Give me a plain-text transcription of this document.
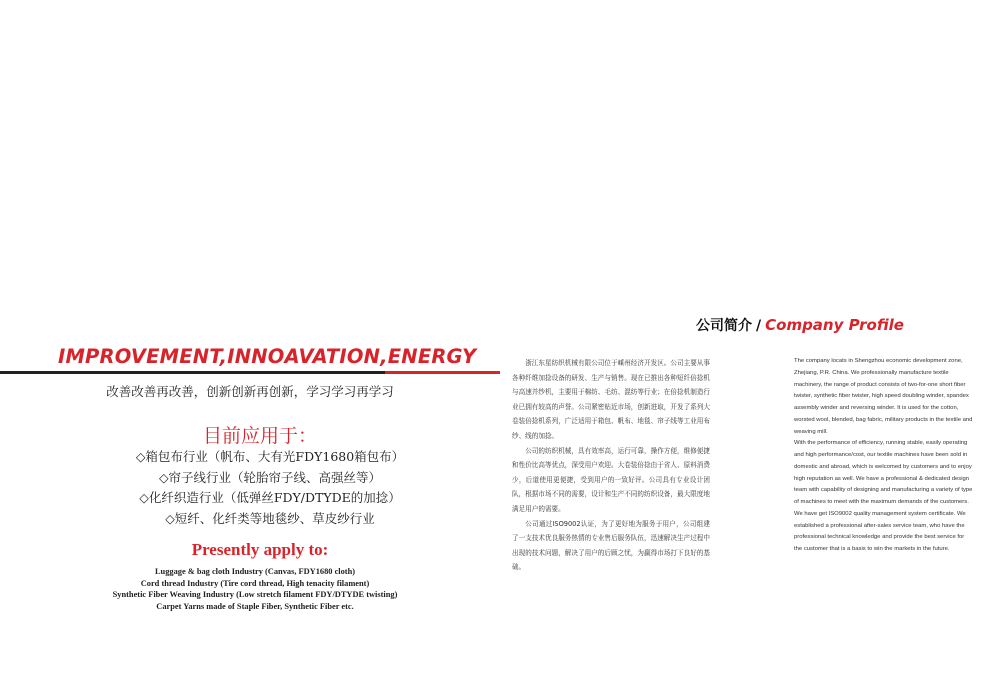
IMPROVEMENT,INNOAVATION,ENERGY
改善改善再改善，创新创新再创新，学习学习再学习
目前应用于：
◇箱包布行业（帆布、大有光FDY1680箱包布）
◇帘子线行业（轮胎帘子线、高强丝等）
◇化纤织造行业（低弹丝FDY/DTYDE的加捻）
◇短纤、化纤类等地毯纱、草皮纱行业
Presently apply to:
Luggage & bag cloth Industry (Canvas, FDY1680 cloth)
Cord thread Industry (Tire cord thread, High tenacity filament)
Synthetic Fiber Weaving Industry (Low stretch filament FDY/DTYDE twisting)
Carpet Yarns made of Staple Fiber, Synthetic Fiber etc.
公司简介 / Company Profile

浙江东星纺织机械有限公司位于嵊州经济开发区。公司主要从事各种纤维加捻设备的研发、生产与销售。现在已推出各种短纤倍捻机与高速并纱机，主要用于棉纺、毛纺、混纺等行业；在倍捻机制造行业已拥有较高的声誉。公司紧密贴近市场，创新进取，开发了系列大卷装倍捻机系列，广泛适用于箱包、帆布、地毯、帘子线等工业用布纱、线的加捻。

公司的纺织机械，具有效率高，运行可靠，操作方便，维修便捷和性价比高等优点，深受用户欢迎。大卷装倍捻由于省人、原料消费少，后道使用更便捷，受到用户的一致好评。公司具有专业设计团队，根据市场不同的需要，设计和生产不同的纺织设备，最大限度地满足用户的需要。

公司通过ISO9002认证，为了更好地为服务于用户，公司组建了一支技术优良服务热情的专业售后服务队伍，迅速解决生产过程中出现的技术问题，解决了用户的后顾之忧，为赢得市场打下良好的基础。

The company locats in Shengzhou economic development zone, Zhejiang, P.R. China. We professionally manufacture textile machinery, the range of product consists of two-for-one short fiber twister, synthetic fiber twister, high speed doubling winder, spandex assembly winder and reversing winder. It is used for the cotton, worsted wool, blended, bag fabric, military products in the textile and weaving mill.

With the performance of efficiency, running stable, easily operating and high performance/cost, our textile machines have been sold in domestic and abroad, which is welcomed by customers and to enjoy high reputation as well. We have a professional & dedicated design team with capability of designing and manufacturing a variety of type of machines to meet with the maximum demands of the customers.

We have get ISO9002 quality management system certificate. We established a professional after-sales service team, who have the professional technical knowledge and provide the best service for the customer that is a basis to win the markets in the future.
